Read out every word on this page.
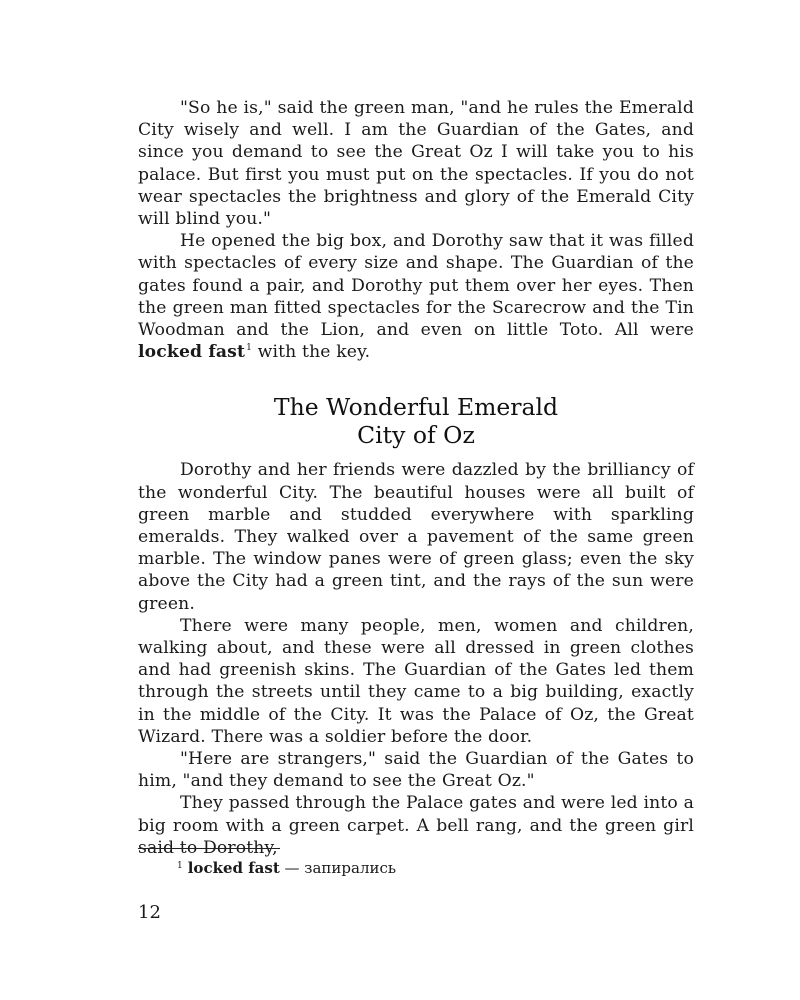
"So he is," said the green man, "and he rules the Emerald City wisely and well. I am the Guardian of the Gates, and since you demand to see the Great Oz I will take you to his palace. But first you must put on the spectacles. If you do not wear spectacles the brightness and glory of the Emerald City will blind you."

He opened the big box, and Dorothy saw that it was filled with spectacles of every size and shape. The Guardian of the gates found a pair, and Dorothy put them over her eyes. Then the green man fitted spectacles for the Scarecrow and the Tin Woodman and the Lion, and even on little Toto. All were locked fast$^1$ with the key.

The Wonderful Emerald
City of Oz

Dorothy and her friends were dazzled by the brilliancy of the wonderful City. The beautiful houses were all built of green marble and studded everywhere with sparkling emeralds. They walked over a pavement of the same green marble. The window panes were of green glass; even the sky above the City had a green tint, and the rays of the sun were green.

There were many people, men, women and children, walking about, and these were all dressed in green clothes and had greenish skins. The Guardian of the Gates led them through the streets until they came to a big building, exactly in the middle of the City. It was the Palace of Oz, the Great Wizard. There was a soldier before the door.

"Here are strangers," said the Guardian of the Gates to him, "and they demand to see the Great Oz."

They passed through the Palace gates and were led into a big room with a green carpet. A bell rang, and the green girl said to Dorothy,

$^1$ locked fast — запирались
12
